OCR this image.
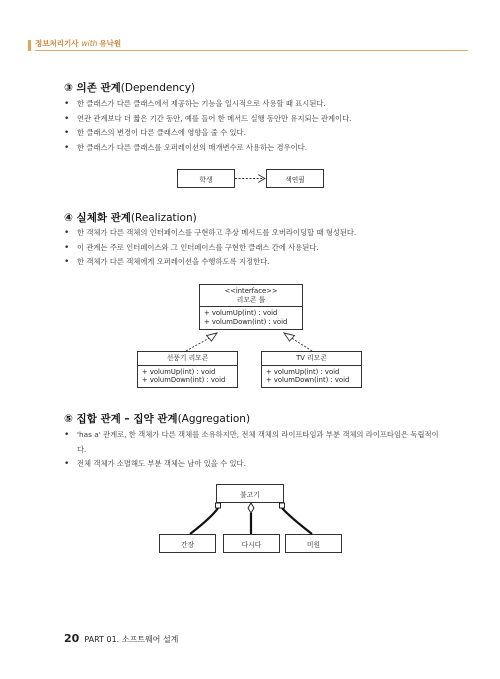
정보처리기사 with 유낙원
③ 의존 관계(Dependency)
• 한 클래스가 다른 클래스에서 제공하는 기능을 일시적으로 사용할 때 표시된다.
• 연관 관계보다 더 짧은 기간 동안, 예를 들어 한 메서드 실행 동안만 유지되는 관계이다.
• 한 클래스의 변경이 다른 클래스에 영향을 줄 수 있다.
• 한 클래스가 다른 클래스를 오퍼레이션의 매개변수로 사용하는 경우이다.
학생	색연필
④ 실체화 관계(Realization)
• 한 객체가 다른 객체의 인터페이스를 구현하고 추상 메서드를 오버라이딩할 때 형성된다.
• 이 관계는 주로 인터페이스와 그 인터페이스를 구현한 클래스 간에 사용된다.
• 한 객체가 다른 객체에게 오퍼레이션을 수행하도록 지정한다.
<<interface>>
리모콘 툴
+ volumUp(int) : void
+ volumDown(int) : void
선풍기 리모콘
+ volumUp(int) : void
+ volumDown(int) : void
TV 리모콘
+ volumUp(int) : void
+ volumDown(int) : void
⑤ 집합 관계 – 집약 관계(Aggregation)
• 'has a' 관계로, 한 객체가 다른 객체를 소유하지만, 전체 객체의 라이프타임과 부분 객체의 라이프타임은 독립적이다.
• 전체 객체가 소멸해도 부분 객체는 남아 있을 수 있다.
불고기
간장	다시다	미원
20 PART 01. 소프트웨어 설계
